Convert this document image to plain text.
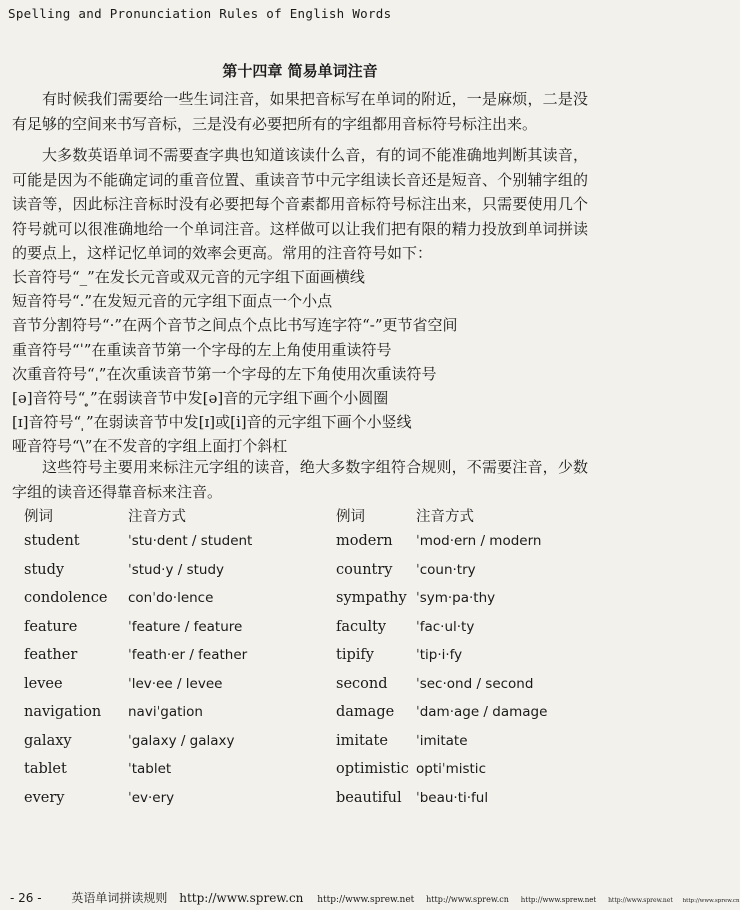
Spelling and Pronunciation Rules of English Words
第十四章 简易单词注音
有时候我们需要给一些生词注音，如果把音标写在单词的附近，一是麻烦，二是没有足够的空间来书写音标，三是没有必要把所有的字组都用音标符号标注出来。
大多数英语单词不需要查字典也知道该读什么音，有的词不能准确地判断其读音，可能是因为不能确定词的重音位置、重读音节中元字组读长音还是短音、个别辅字组的读音等，因此标注音标时没有必要把每个音素都用音标符号标注出来，只需要使用几个符号就可以很准确地给一个单词注音。这样做可以让我们把有限的精力投放到单词拼读的要点上，这样记忆单词的效率会更高。常用的注音符号如下：
长音符号“_”在发长元音或双元音的元字组下面画横线
短音符号“.”在发短元音的元字组下面点一个小点
音节分割符号“·”在两个音节之间点个点比书写连字符“-”更节省空间
重音符号“ˈ”在重读音节第一个字母的左上角使用重读符号
次重音符号“ˌ”在次重读音节第一个字母的左下角使用次重读符号
[ə]音符号“ ̥”在弱读音节中发[ə]音的元字组下画个小圆圈
[ɪ]音符号“ ̩”在弱读音节中发[ɪ]或[i]音的元字组下画个小竖线
哑音符号“\”在不发音的字组上面打个斜杠
这些符号主要用来标注元字组的读音，绝大多数字组符合规则，不需要注音，少数字组的读音还得靠音标来注音。
例词	注音方式	例词	注音方式
student	ˈstu·dent / student	modern ˈmod·ern / modern
study	ˈstud·y / study	country ˈcoun·try
condolence conˈdo·lence	sympathy ˈsym·pa·thy
feature	ˈfeature / feature	faculty ˈfac·ul·ty
feather	ˈfeath·er / feather	tipify	ˈtip·i·fy
levee	ˈlev·ee / levee	second ˈsec·ond / second
navigation naviˈgation	damage ˈdam·age / damage
galaxy	ˈgalaxy / galaxy	imitate ˈimitate
tablet	ˈtablet	optimistic optiˈmistic
every	ˈev·ery	beautiful ˈbeau·ti·ful
- 26 - 英语单词拼读规则 http://www.sprew.cn http://www.sprew.net http://www.sprew.cn http://www.sprew.net http://www.sprew.net http://www.sprew.cn
